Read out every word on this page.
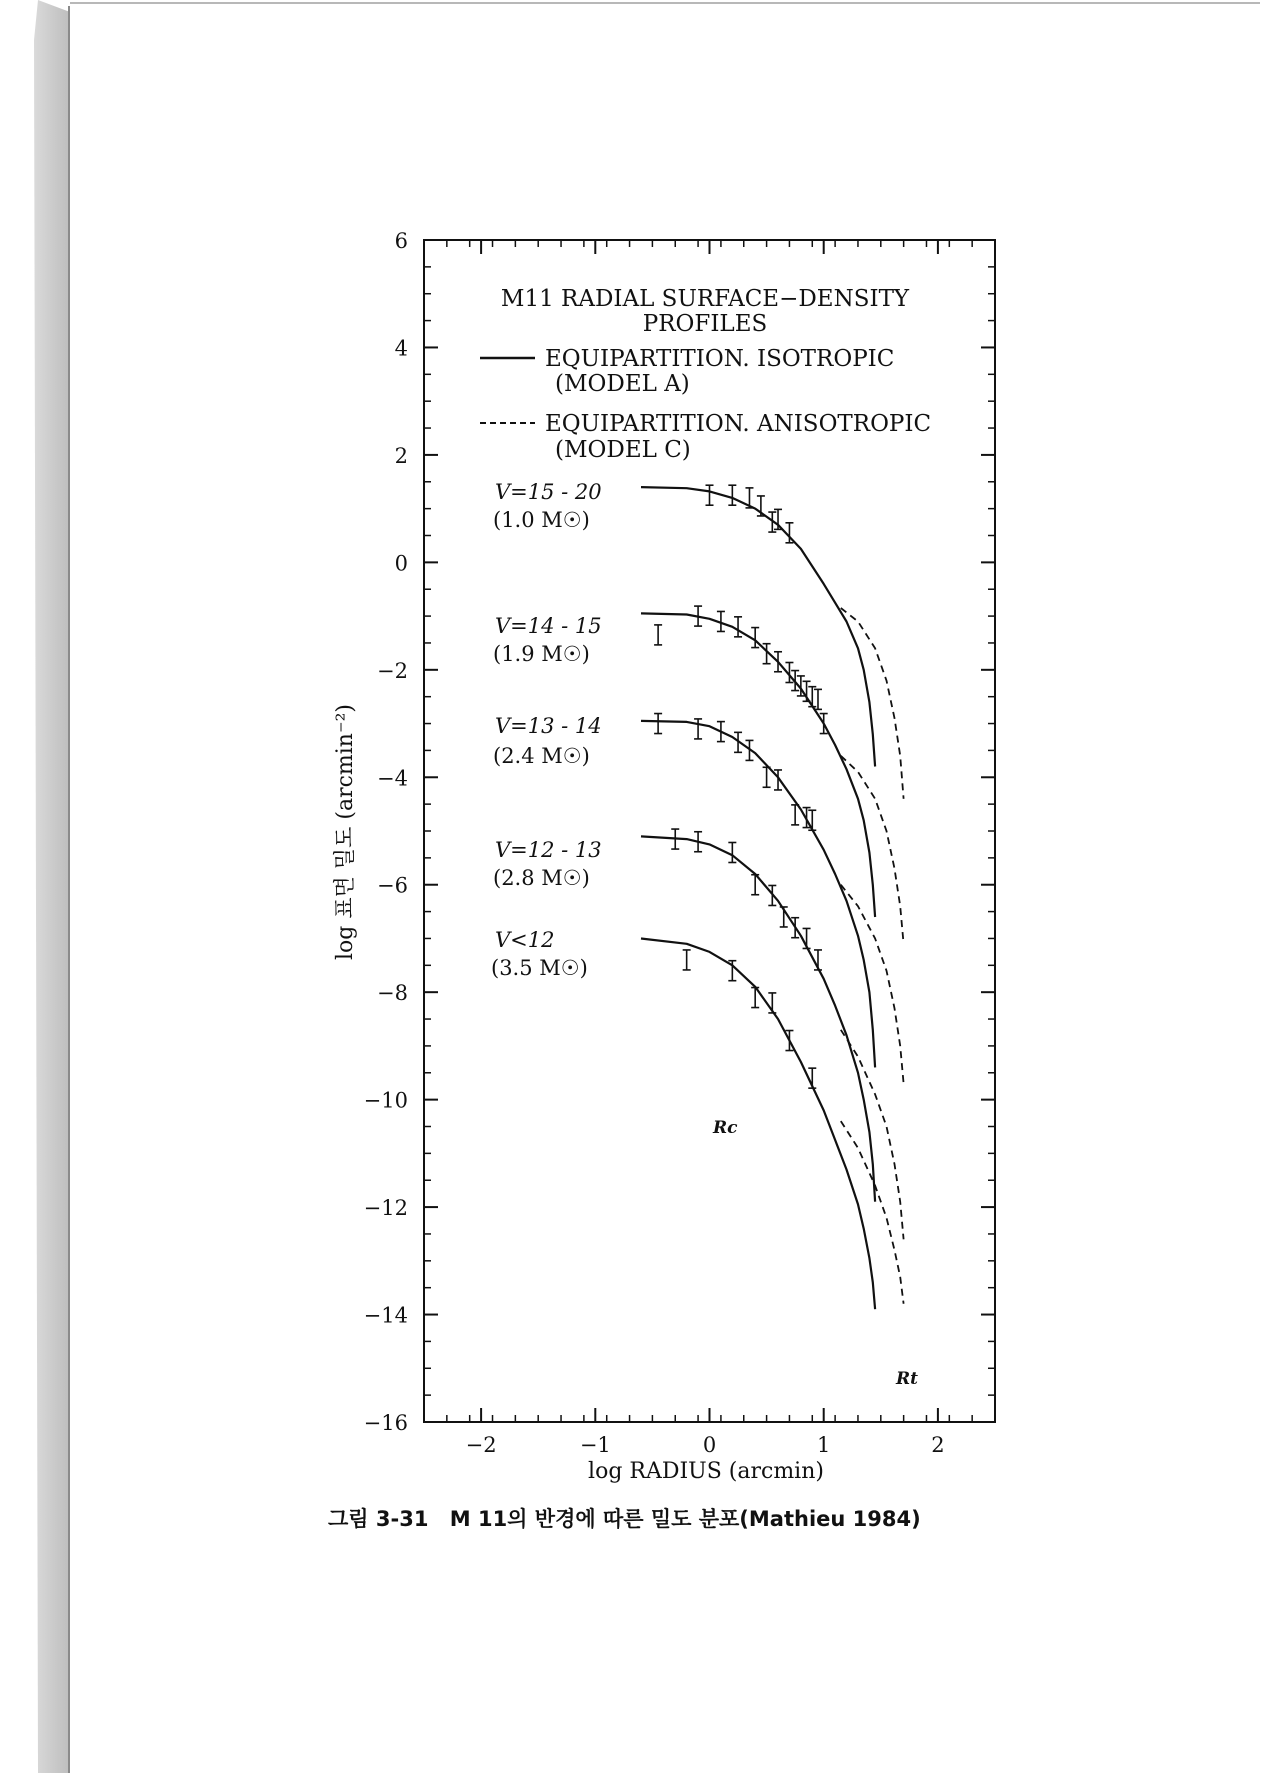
6
4
2
0
−2
−4
−6
−8
−10
−12
−14
−16
−2	−1	0	1	2
log 표면 밀도 (arcmin⁻²)
log RADIUS (arcmin)
M11 RADIAL SURFACE−DENSITY
PROFILES
EQUIPARTITION. ISOTROPIC
(MODEL A)
EQUIPARTITION. ANISOTROPIC
(MODEL C)
V=15 - 20
(1.0 M☉)
V=14 - 15
(1.9 M☉)
V=13 - 14
(2.4 M☉)
V=12 - 13
(2.8 M☉)
V<12
(3.5 M☉)
Rc
Rt

그림 3-31 M 11의 반경에 따른 밀도 분포(Mathieu 1984)
